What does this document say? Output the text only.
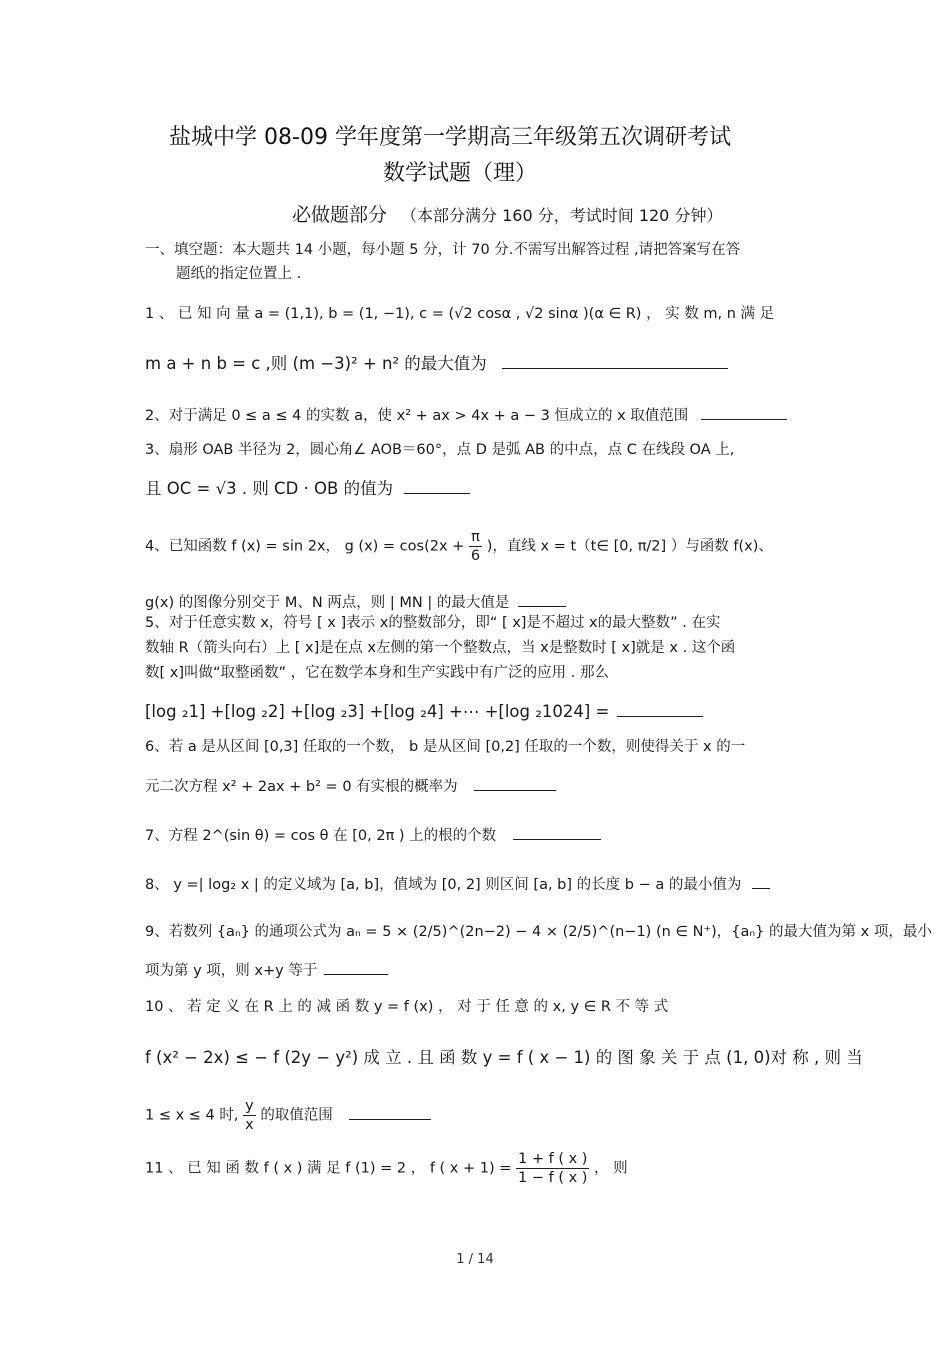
盐城中学 08-09 学年度第一学期高三年级第五次调研考试
数学试题（理）
必做题部分 （本部分满分 160 分，考试时间 120 分钟）
一、填空题：本大题共 14 小题，每小题 5 分，计 70 分.不需写出解答过程 ,请把答案写在答
题纸的指定位置上 .
1 、 已 知 向 量 a = (1,1), b = (1, −1), c = (√2 cosα , √2 sinα )(α ∈ R) ， 实 数 m, n 满 足
m a + n b = c ,则 (m −3)² + n² 的最大值为
2、对于满足 0 ≤ a ≤ 4 的实数 a，使 x² + ax > 4x + a − 3 恒成立的 x 取值范围
3、扇形 OAB 半径为 2，圆心角∠ AOB＝60°，点 D 是弧 AB 的中点，点 C 在线段 OA 上,
且 OC = √3 . 则 CD · OB 的值为
4、已知函数 f (x) = sin 2x， g $(x) = \cos(2x + \frac{\pi}{6}$ )，直线 x = t（t∈ [0, π/2] ）与函数 f(x)、
g(x) 的图像分别交于 M、N 两点，则 | MN | 的最大值是
5、对于任意实数 x，符号 [ x ]表示 x的整数部分，即“ [ x]是不超过 x的最大整数” . 在实
数轴 R（箭头向右）上 [ x]是在点 x左侧的第一个整数点，当 x是整数时 [ x]就是 x . 这个函
数[ x]叫做“取整函数” ，它在数学本身和生产实践中有广泛的应用 . 那么
[log ₂1] +[log ₂2] +[log ₂3] +[log ₂4] +⋯ +[log ₂1024] =
6、若 a 是从区间 [0,3] 任取的一个数， b 是从区间 [0,2] 任取的一个数，则使得关于 x 的一
元二次方程 x² + 2ax + b² = 0 有实根的概率为
7、方程 2^(sin θ) = cos θ 在 [0, 2π ) 上的根的个数
8、 y =| log₂ x | 的定义域为 [a, b]，值域为 [0, 2] 则区间 [a, b] 的长度 b − a 的最小值为
9、若数列 {aₙ} 的通项公式为 aₙ = 5 × (2/5)^(2n−2) − 4 × (2/5)^(n−1) (n ∈ N⁺)，{aₙ} 的最大值为第 x 项，最小
项为第 y 项，则 x+y 等于
10 、 若 定 义 在 R 上 的 减 函 数 y = f (x) ， 对 于 任 意 的 x, y ∈ R 不 等 式
f (x² − 2x) ≤ − f (2y − y²) 成 立 . 且 函 数 y = f ( x − 1) 的 图 象 关 于 点 (1, 0)对 称 , 则 当
1 ≤ x ≤ 4 时, $\frac{y}{x}$ 的取值范围
11 、 已 知 函 数 f ( x ) 满 足 f (1) = 2 ， f ( $x + 1) = \frac{1 + f ( x )}{1 - f ( x )}$ ， 则
1 / 14
